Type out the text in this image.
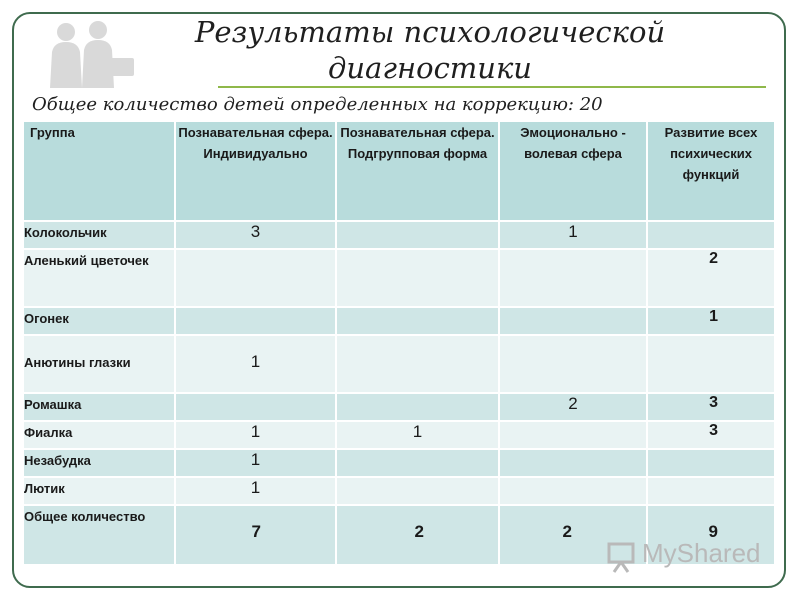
Результаты психологической
диагностики
Общее количество детей определенных на коррекцию: 20
Группа	Познавательная сфера. Индивидуально	Познавательная сфера. Подгрупповая форма	Эмоционально - волевая сфера	Развитие всех психических функций
Колокольчик	3		1	
Аленький цветочек				2
Огонек				1
Анютины глазки	1			
Ромашка			2	3
Фиалка	1	1		3
Незабудка	1			
Лютик	1			
Общее количество	7	2	2	9
MyShared
